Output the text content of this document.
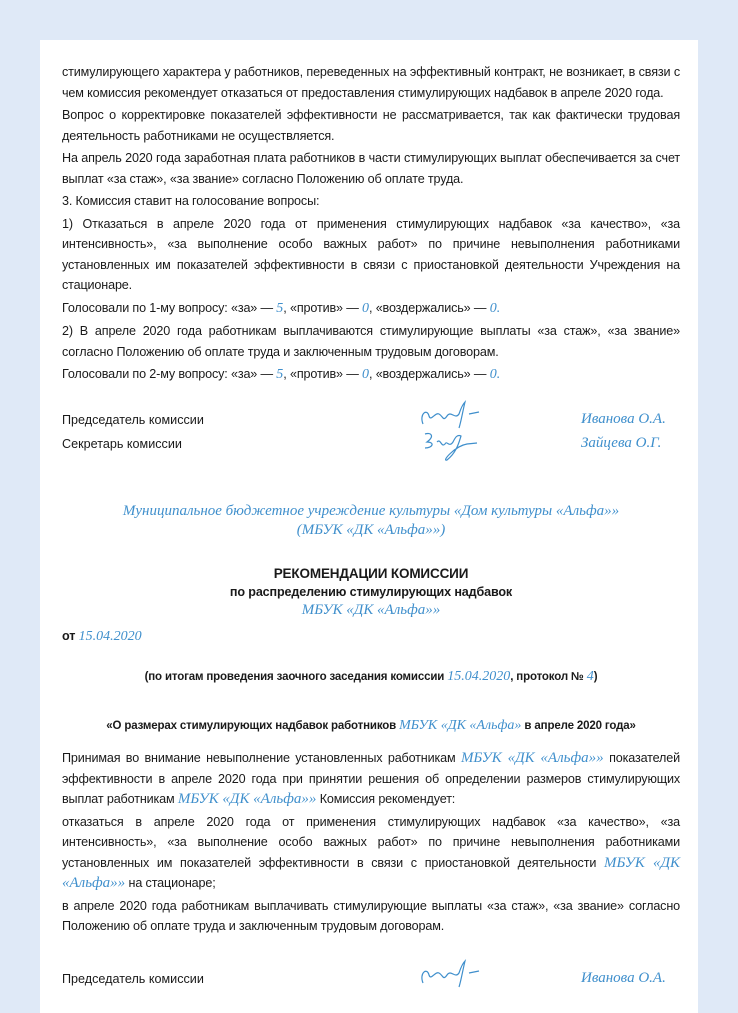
стимулирующего характера у работников, переведенных на эффективный контракт, не возникает, в связи с чем комиссия рекомендует отказаться от предоставления стимулирующих надбавок в апреле 2020 года.
Вопрос о корректировке показателей эффективности не рассматривается, так как фактически трудовая деятельность работниками не осуществляется.
На апрель 2020 года заработная плата работников в части стимулирующих выплат обеспечивается за счет выплат «за стаж», «за звание» согласно Положению об оплате труда.
3. Комиссия ставит на голосование вопросы:
1) Отказаться в апреле 2020 года от применения стимулирующих надбавок «за качество», «за интенсивность», «за выполнение особо важных работ» по причине невыполнения работниками установленных им показателей эффективности в связи с приостановкой деятельности Учреждения на стационаре.
Голосовали по 1-му вопросу: «за» — 5, «против» — 0, «воздержались» — 0.
2) В апреле 2020 года работникам выплачиваются стимулирующие выплаты «за стаж», «за звание» согласно Положению об оплате труда и заключенным трудовым договорам.
Голосовали по 2-му вопросу: «за» — 5, «против» — 0, «воздержались» — 0.
Председатель комиссии	Иванова О.А.
Секретарь комиссии	Зайцева О.Г.
Муниципальное бюджетное учреждение культуры «Дом культуры «Альфа»»
(МБУК «ДК «Альфа»»)
РЕКОМЕНДАЦИИ КОМИССИИ
по распределению стимулирующих надбавок
МБУК «ДК «Альфа»»
от 15.04.2020
(по итогам проведения заочного заседания комиссии 15.04.2020, протокол № 4)
«О размерах стимулирующих надбавок работников МБУК «ДК «Альфа» в апреле 2020 года»
Принимая во внимание невыполнение установленных работникам МБУК «ДК «Альфа»» показателей эффективности в апреле 2020 года при принятии решения об определении размеров стимулирующих выплат работникам МБУК «ДК «Альфа»» Комиссия рекомендует:
отказаться в апреле 2020 года от применения стимулирующих надбавок «за качество», «за интенсивность», «за выполнение особо важных работ» по причине невыполнения работниками установленных им показателей эффективности в связи с приостановкой деятельности МБУК «ДК «Альфа»» на стационаре;
в апреле 2020 года работникам выплачивать стимулирующие выплаты «за стаж», «за звание» согласно Положению об оплате труда и заключенным трудовым договорам.
Председатель комиссии	Иванова О.А.
